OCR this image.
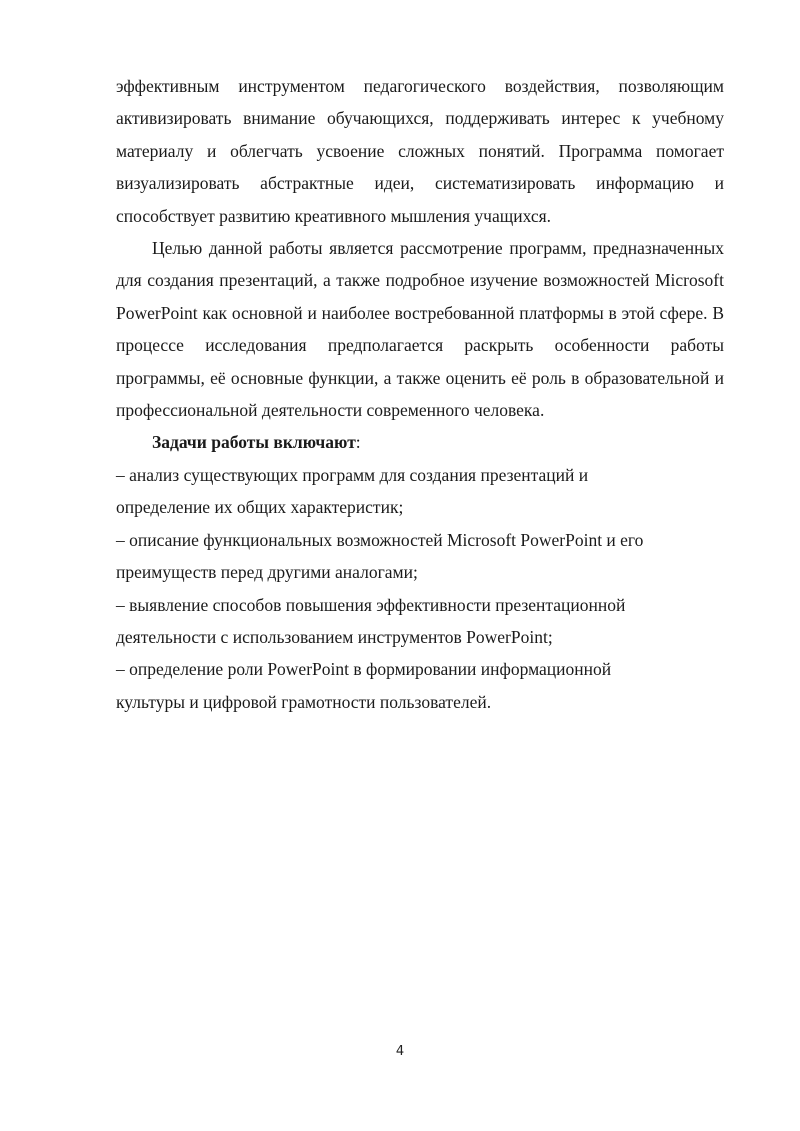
эффективным инструментом педагогического воздействия, позволяющим активизировать внимание обучающихся, поддерживать интерес к учебному материалу и облегчать усвоение сложных понятий. Программа помогает визуализировать абстрактные идеи, систематизировать информацию и способствует развитию креативного мышления учащихся.

Целью данной работы является рассмотрение программ, предназначенных для создания презентаций, а также подробное изучение возможностей Microsoft PowerPoint как основной и наиболее востребованной платформы в этой сфере. В процессе исследования предполагается раскрыть особенности работы программы, её основные функции, а также оценить её роль в образовательной и профессиональной деятельности современного человека.

Задачи работы включают:

– анализ существующих программ для создания презентаций и определение их общих характеристик;
– описание функциональных возможностей Microsoft PowerPoint и его преимуществ перед другими аналогами;
– выявление способов повышения эффективности презентационной деятельности с использованием инструментов PowerPoint;
– определение роли PowerPoint в формировании информационной культуры и цифровой грамотности пользователей.
4
